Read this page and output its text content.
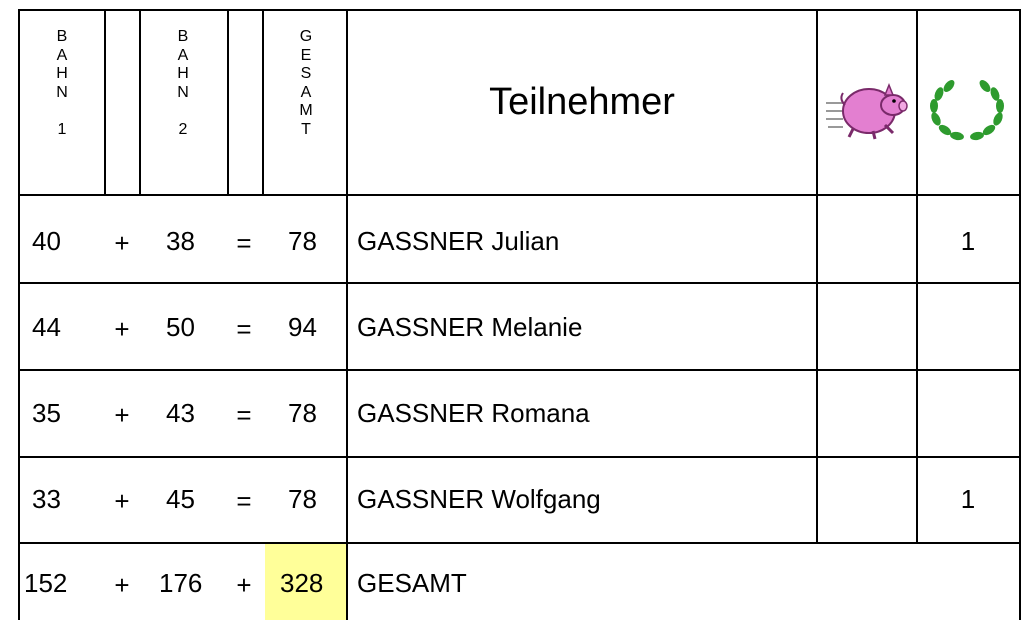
B
A
H
N

1
B
A
H
N

2
G
E
S
A
M
T
Teilnehmer
40 + 38 = 78 GASSNER Julian	1
44 + 50 = 94 GASSNER Melanie
35 + 43 = 78 GASSNER Romana
33 + 45 = 78 GASSNER Wolfgang	1
152 + 176 + 328 GESAMT
